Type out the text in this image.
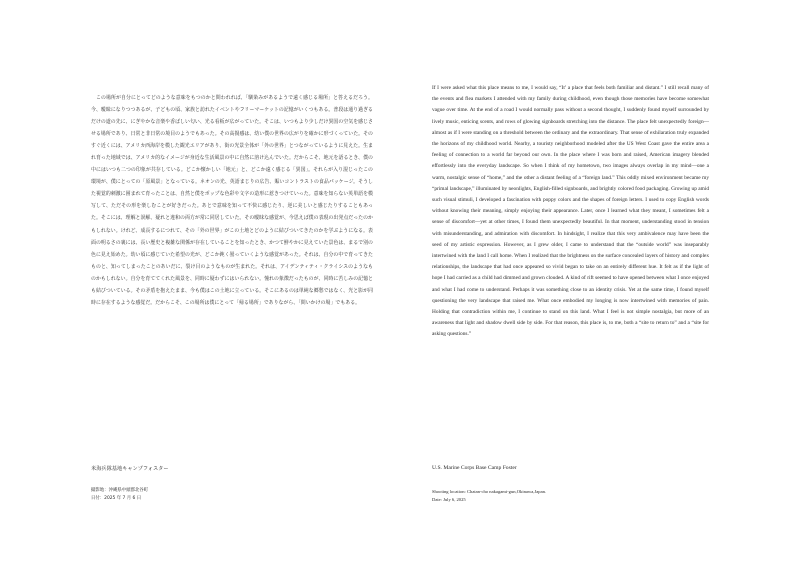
　この場所が自分にとってどのような意味をもつのかと問われれば、「馴染みがあるようで遠く感じる場所」と答えるだろう。今、曖昧になりつつあるが、子どもの頃、家族と訪れたイベントやフリーマーケットの記憶がいくつもある。普段は通り過ぎるだけの道の先に、にぎやかな音楽や香ばしい匂い、光る看板が広がっていた。そこは、いつもより少しだけ異国の空気を感じさせる場所であり、日常と非日常の境目のようでもあった。その高揚感は、幼い僕の世界の広がりを確かに形づくっていた。そのすぐ近くには、アメリカ西海岸を模した観光エリアがあり、街の光景全体が「外の世界」とつながっているように見えた。生まれ育った地域では、アメリカ的なイメージが身近な生活風景の中に自然に溶け込んでいた。だからこそ、地元を語るとき、僕の中にはいつも二つの印象が共存している。どこか懐かしい「地元」と、どこか遠く感じる「異国」。それらが入り混じったこの環境が、僕にとっての「原風景」となっている。ネオンの光、英語まじりの広告、賑いコントラストの食品パッケージ。そうした視覚的刺激に囲まれて育ったことは、自然と僕をポップな色彩や文字の造形に惹きつけていった。意味を知らない英単語を模写して、ただその形を楽しむことが好きだった。あとで意味を知って不快に感じたり、逆に美しいと感じたりすることもあった。そこには、理解と誤解、疑れと違和の両方が常に同居していた。その曖昧な感覚が、今思えば僕の表現の出発点だったのかもしれない。けれど、成長するにつれて、その「外の世界」がこの土地とどのように結びついてきたのかを学ぶようになる。表面の明るさの裏には、長い歴史と複雑な関係が存在していることを知ったとき、かつて鮮やかに見えていた景色は、まるで別の色に見え始めた。幼い頃に感じていた希望の光が、どこか鈍く曇っていくような感覚があった。それは、自分の中で育ってきたものと、知ってしまったことのあいだに、裂け目のようなものが生まれた。それは、アイデンティティ・クライシスのようなものかもしれない。自分を育ててくれた風景を、同時に疑わずにはいられない。憧れの象徴だったものが、同時に苦しみの記憶とも結びついている。その矛盾を抱えたまま、今も僕はこの土地に立っている。そこにあるのは単純な郷愁ではなく、光と影が同時に存在するような感覚だ。だからこそ、この場所は僕にとって「帰る場所」でありながら、「問いかけの場」でもある。

米海兵隊基地キャンプフォスター
撮影地：沖縄県中頭郡北谷町
日付：2025 年 7 月 6 日

If I were asked what this place means to me, I would say, “It’ a place that feels both familiar and distant.” I still recall many of the events and flea markets I attended with my family during childhood, even though those memories have become somewhat vague over time. At the end of a road I would normally pass without a second thought, I suddenly found myself surrounded by lively music, enticing scents, and rows of glowing signboards stretching into the distance. The place felt unexpectedly foreign—almost as if I were standing on a threshold between the ordinary and the extraordinary. That sense of exhilaration truly expanded the horizons of my childhood world. Nearby, a touristy neighborhood modeled after the US West Coast gave the entire area a feeling of connection to a world far beyond our own. In the place where I was born and raised, American imagery blended effortlessly into the everyday landscape. So when I think of my hometown, two images always overlap in my mind—one a warm, nostalgic sense of “home,” and the other a distant feeling of a “foreign land.” This oddly mixed environment became my “primal landscape,” illuminated by neonlights, English-filled signboards, and brightly colored food packaging. Growing up amid such visual stimuli, I developed a fascination with poppy colors and the shapes of foreign letters. I used to copy English words without knowing their meaning, simply enjoying their appearance. Later, once I learned what they meant, I sometimes felt a sense of discomfort—yet at other times, I found them unexpectedly beautiful. In that moment, understanding stood in tension with misunderstanding, and admiration with discomfort. In hindsight, I realize that this very ambivalence may have been the seed of my artistic expression. However, as I grew older, I came to understand that the “outside world” was inseparably intertwined with the land I call home. When I realized that the brightness on the surface concealed layers of history and complex relationships, the landscape that had once appeared so vivid began to take on an entirely different hue. It felt as if the light of hope I had carried as a child had dimmed and grown clouded. A kind of rift seemed to have opened between what I once enjoyed and what I had come to understand. Perhaps it was something close to an identity crisis. Yet at the same time, I found myself questioning the very landscape that raised me. What once embodied my longing is now intertwined with memories of pain. Holding that contradiction within me, I continue to stand on this land. What I feel is not simple nostalgia, but more of an awareness that light and shadow dwell side by side. For that reason, this place is, to me, both a “site to return to” and a “site for asking questions.”

U.S. Marine Corps Base Camp Foster
Shooting location: Chatan-cho nakagami-gun,Okinawa,Japan.
Date: July 6, 2025
